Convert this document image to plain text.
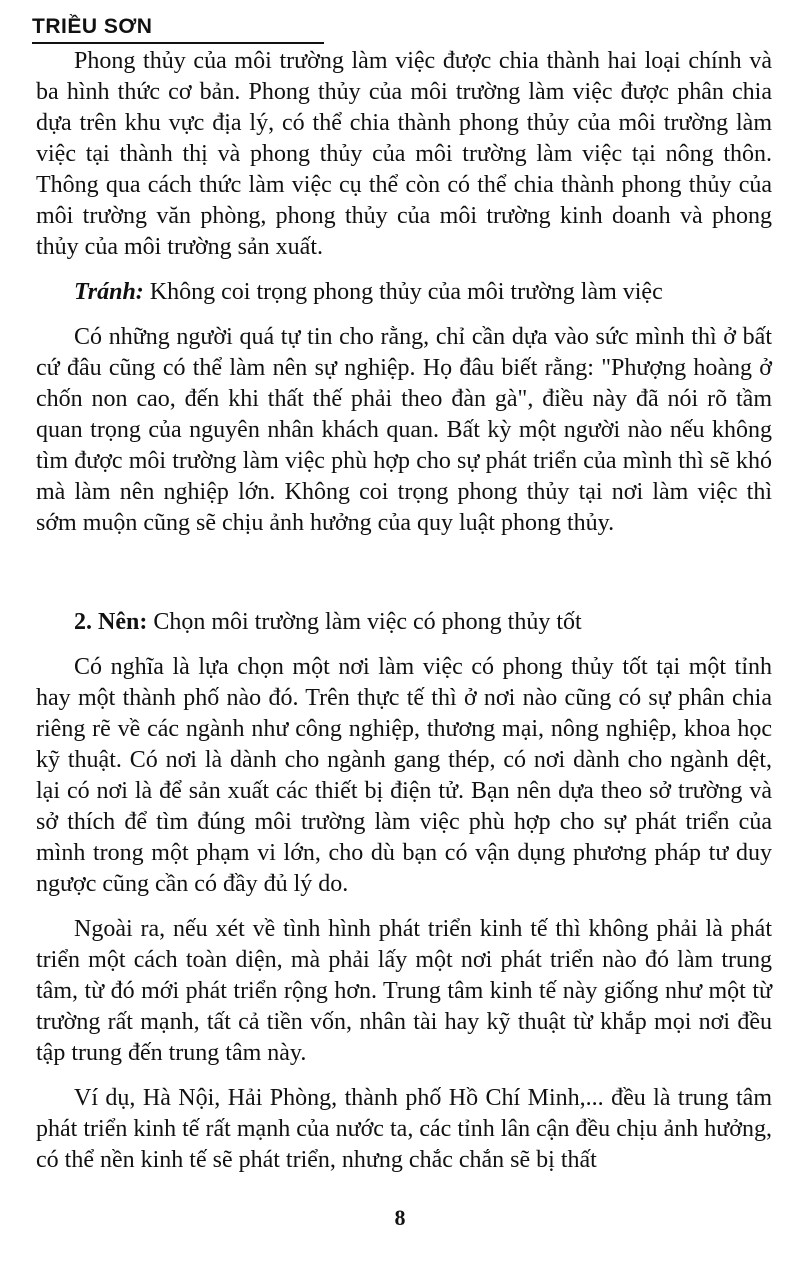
TRIỀU SƠN

Phong thủy của môi trường làm việc được chia thành hai loại chính và ba hình thức cơ bản. Phong thủy của môi trường làm việc được phân chia dựa trên khu vực địa lý, có thể chia thành phong thủy của môi trường làm việc tại thành thị và phong thủy của môi trường làm việc tại nông thôn. Thông qua cách thức làm việc cụ thể còn có thể chia thành phong thủy của môi trường văn phòng, phong thủy của môi trường kinh doanh và phong thủy của môi trường sản xuất.

Tránh: Không coi trọng phong thủy của môi trường làm việc

Có những người quá tự tin cho rằng, chỉ cần dựa vào sức mình thì ở bất cứ đâu cũng có thể làm nên sự nghiệp. Họ đâu biết rằng: "Phượng hoàng ở chốn non cao, đến khi thất thế phải theo đàn gà", điều này đã nói rõ tầm quan trọng của nguyên nhân khách quan. Bất kỳ một người nào nếu không tìm được môi trường làm việc phù hợp cho sự phát triển của mình thì sẽ khó mà làm nên nghiệp lớn. Không coi trọng phong thủy tại nơi làm việc thì sớm muộn cũng sẽ chịu ảnh hưởng của quy luật phong thủy.

2. Nên: Chọn môi trường làm việc có phong thủy tốt

Có nghĩa là lựa chọn một nơi làm việc có phong thủy tốt tại một tỉnh hay một thành phố nào đó. Trên thực tế thì ở nơi nào cũng có sự phân chia riêng rẽ về các ngành như công nghiệp, thương mại, nông nghiệp, khoa học kỹ thuật. Có nơi là dành cho ngành gang thép, có nơi dành cho ngành dệt, lại có nơi là để sản xuất các thiết bị điện tử. Bạn nên dựa theo sở trường và sở thích để tìm đúng môi trường làm việc phù hợp cho sự phát triển của mình trong một phạm vi lớn, cho dù bạn có vận dụng phương pháp tư duy ngược cũng cần có đầy đủ lý do.

Ngoài ra, nếu xét về tình hình phát triển kinh tế thì không phải là phát triển một cách toàn diện, mà phải lấy một nơi phát triển nào đó làm trung tâm, từ đó mới phát triển rộng hơn. Trung tâm kinh tế này giống như một từ trường rất mạnh, tất cả tiền vốn, nhân tài hay kỹ thuật từ khắp mọi nơi đều tập trung đến trung tâm này.

Ví dụ, Hà Nội, Hải Phòng, thành phố Hồ Chí Minh,... đều là trung tâm phát triển kinh tế rất mạnh của nước ta, các tỉnh lân cận đều chịu ảnh hưởng, có thể nền kinh tế sẽ phát triển, nhưng chắc chắn sẽ bị thất

8
